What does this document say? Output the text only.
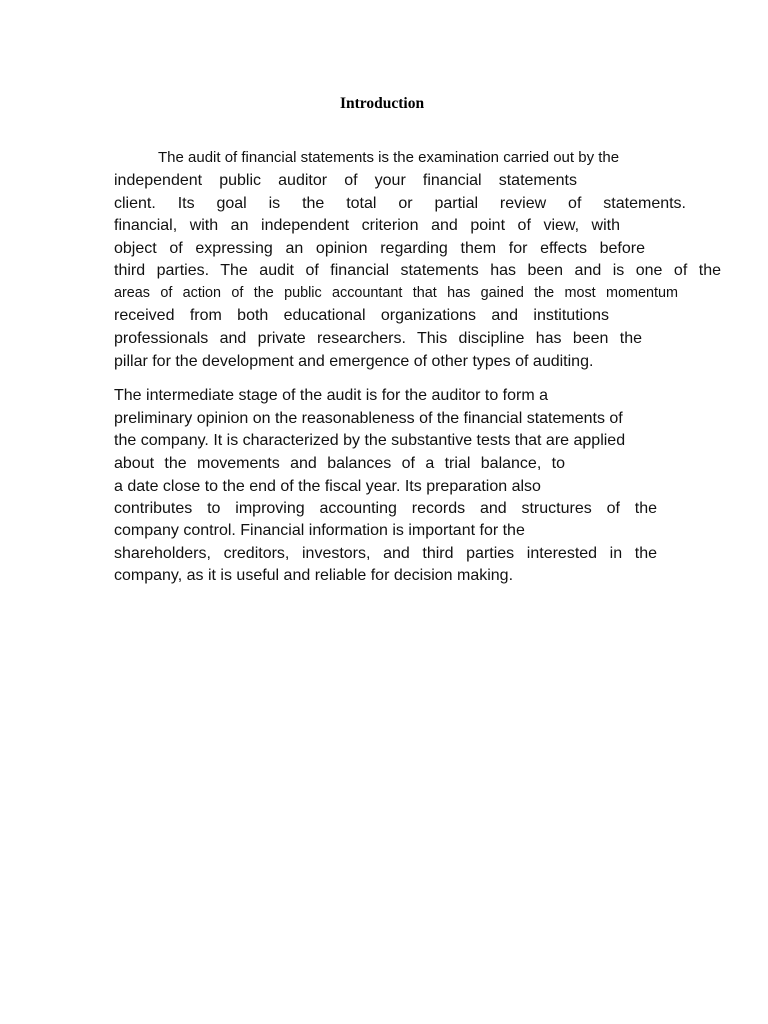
Introduction
The audit of financial statements is the examination carried out by the
independent public auditor of your financial statements
client. Its goal is the total or partial review of statements.
financial, with an independent criterion and point of view, with
object of expressing an opinion regarding them for effects before
third parties. The audit of financial statements has been and is one of the
areas of action of the public accountant that has gained the most momentum
received from both educational organizations and institutions
professionals and private researchers. This discipline has been the
pillar for the development and emergence of other types of auditing.
The intermediate stage of the audit is for the auditor to form a
preliminary opinion on the reasonableness of the financial statements of
the company. It is characterized by the substantive tests that are applied
about the movements and balances of a trial balance, to
a date close to the end of the fiscal year. Its preparation also
contributes to improving accounting records and structures of the
company control. Financial information is important for the
shareholders, creditors, investors, and third parties interested in the
company, as it is useful and reliable for decision making.
